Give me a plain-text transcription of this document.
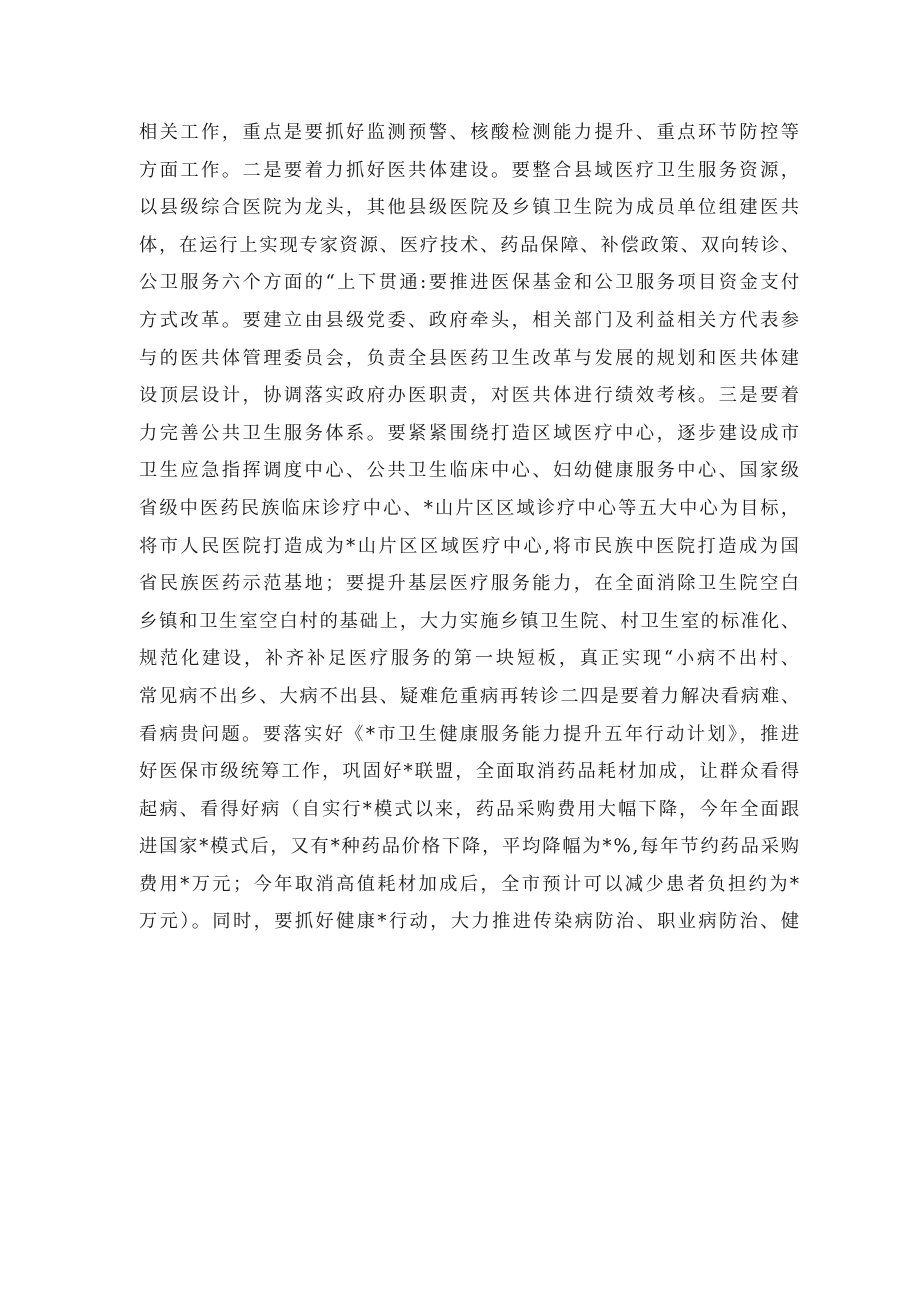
相关工作，重点是要抓好监测预警、核酸检测能力提升、重点环节防控等
方面工作。二是要着力抓好医共体建设。要整合县域医疗卫生服务资源，
以县级综合医院为龙头，其他县级医院及乡镇卫生院为成员单位组建医共
体，在运行上实现专家资源、医疗技术、药品保障、补偿政策、双向转诊、
公卫服务六个方面的“上下贯通:要推进医保基金和公卫服务项目资金支付
方式改革。要建立由县级党委、政府牵头，相关部门及利益相关方代表参
与的医共体管理委员会，负责全县医药卫生改革与发展的规划和医共体建
设顶层设计，协调落实政府办医职责，对医共体进行绩效考核。三是要着
力完善公共卫生服务体系。要紧紧围绕打造区域医疗中心，逐步建设成市
卫生应急指挥调度中心、公共卫生临床中心、妇幼健康服务中心、国家级
省级中医药民族临床诊疗中心、*山片区区域诊疗中心等五大中心为目标，
将市人民医院打造成为*山片区区域医疗中心,将市民族中医院打造成为国
省民族医药示范基地；要提升基层医疗服务能力，在全面消除卫生院空白
乡镇和卫生室空白村的基础上，大力实施乡镇卫生院、村卫生室的标准化、
规范化建设，补齐补足医疗服务的第一块短板，真正实现“小病不出村、
常见病不出乡、大病不出县、疑难危重病再转诊二四是要着力解决看病难、
看病贵问题。要落实好《*市卫生健康服务能力提升五年行动计划》，推进
好医保市级统筹工作，巩固好*联盟，全面取消药品耗材加成，让群众看得
起病、看得好病（自实行*模式以来，药品采购费用大幅下降，今年全面跟
进国家*模式后，又有*种药品价格下降，平均降幅为*%,每年节约药品采购
费用*万元；今年取消高值耗材加成后，全市预计可以减少患者负担约为*
万元）。同时，要抓好健康*行动，大力推进传染病防治、职业病防治、健
